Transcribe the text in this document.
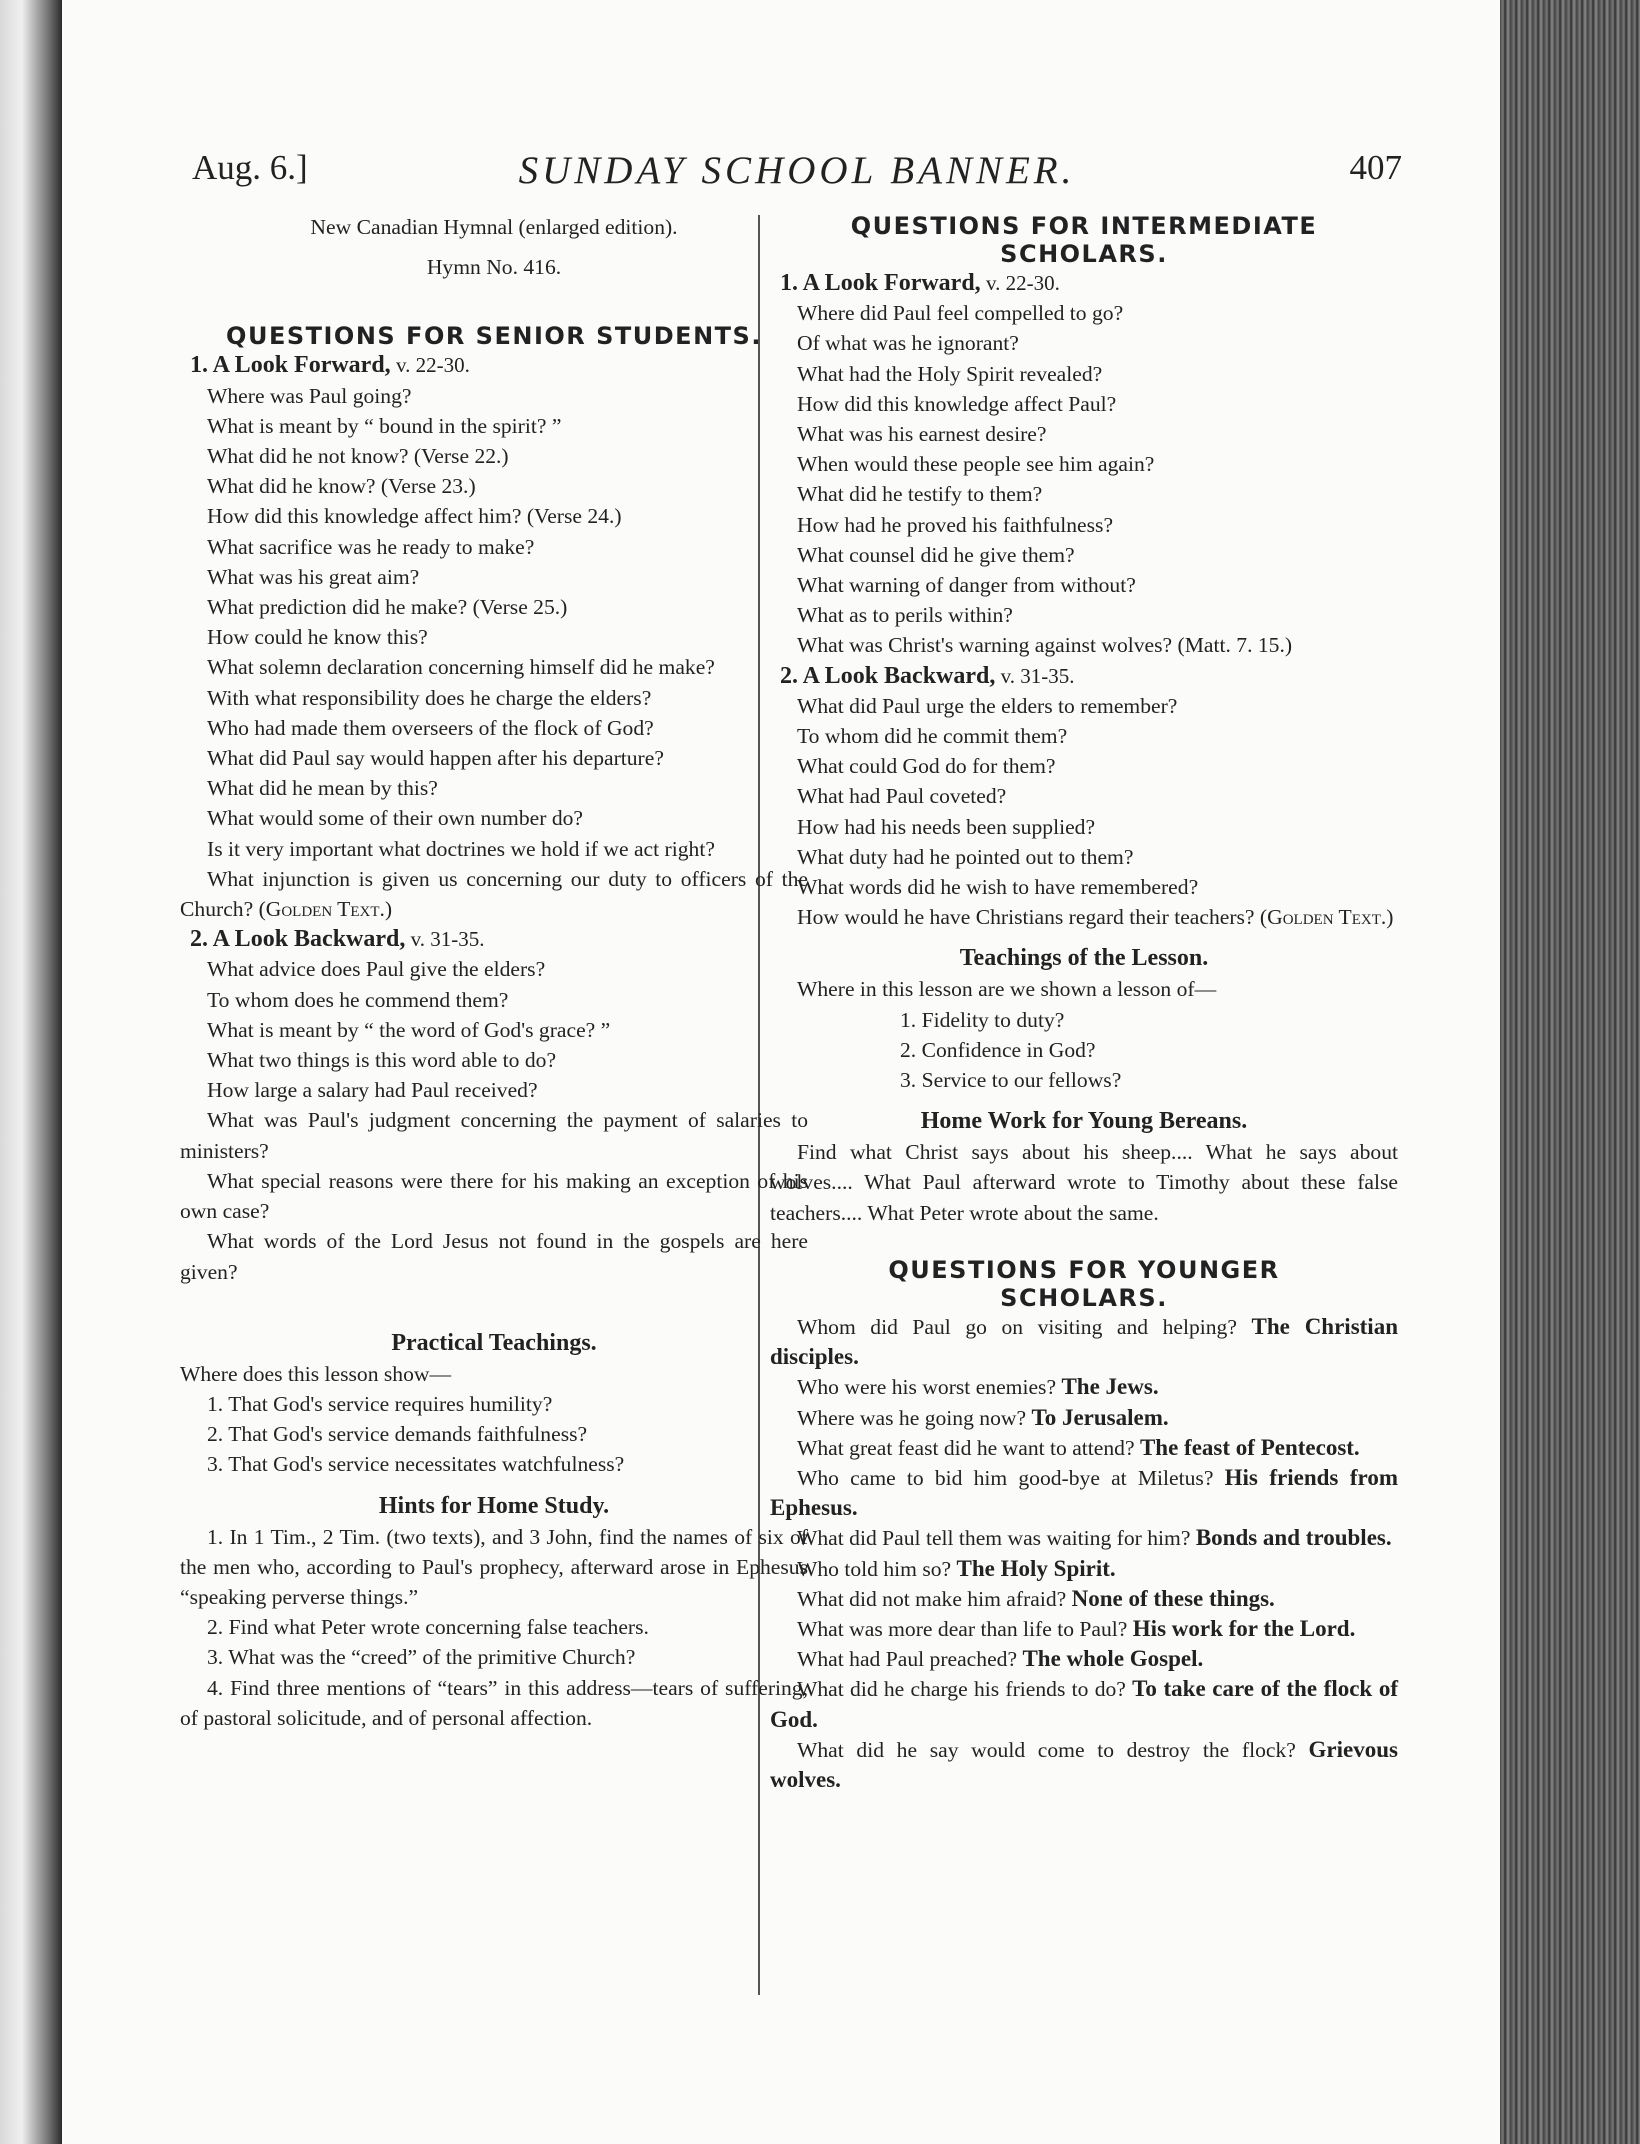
Aug. 6.]	SUNDAY SCHOOL BANNER.	407
New Canadian Hymnal (enlarged edition).
Hymn No. 416.
QUESTIONS FOR SENIOR STUDENTS.
1. A Look Forward, v. 22-30.
Where was Paul going?
What is meant by “ bound in the spirit? ”
What did he not know? (Verse 22.)
What did he know? (Verse 23.)
How did this knowledge affect him? (Verse 24.)
What sacrifice was he ready to make?
What was his great aim?
What prediction did he make? (Verse 25.)
How could he know this?
What solemn declaration concerning himself did he make?
With what responsibility does he charge the elders?
Who had made them overseers of the flock of God?
What did Paul say would happen after his departure?
What did he mean by this?
What would some of their own number do?
Is it very important what doctrines we hold if we act right?
What injunction is given us concerning our duty to officers of the Church? (Golden Text.)
2. A Look Backward, v. 31-35.
What advice does Paul give the elders?
To whom does he commend them?
What is meant by “ the word of God's grace? ”
What two things is this word able to do?
How large a salary had Paul received?
What was Paul's judgment concerning the payment of salaries to ministers?
What special reasons were there for his making an exception of his own case?
What words of the Lord Jesus not found in the gospels are here given?
Practical Teachings.
Where does this lesson show—
1. That God's service requires humility?
2. That God's service demands faithfulness?
3. That God's service necessitates watchfulness?
Hints for Home Study.
1. In 1 Tim., 2 Tim. (two texts), and 3 John, find the names of six of the men who, according to Paul's prophecy, afterward arose in Ephesus “speaking perverse things.”
2. Find what Peter wrote concerning false teachers.
3. What was the “creed” of the primitive Church?
4. Find three mentions of “tears” in this address—tears of suffering, of pastoral solicitude, and of personal affection.
QUESTIONS FOR INTERMEDIATE
SCHOLARS.
1. A Look Forward, v. 22-30.
Where did Paul feel compelled to go?
Of what was he ignorant?
What had the Holy Spirit revealed?
How did this knowledge affect Paul?
What was his earnest desire?
When would these people see him again?
What did he testify to them?
How had he proved his faithfulness?
What counsel did he give them?
What warning of danger from without?
What as to perils within?
What was Christ's warning against wolves? (Matt. 7. 15.)
2. A Look Backward, v. 31-35.
What did Paul urge the elders to remember?
To whom did he commit them?
What could God do for them?
What had Paul coveted?
How had his needs been supplied?
What duty had he pointed out to them?
What words did he wish to have remembered?
How would he have Christians regard their teachers? (Golden Text.)
Teachings of the Lesson.
Where in this lesson are we shown a lesson of—
1. Fidelity to duty?
2. Confidence in God?
3. Service to our fellows?
Home Work for Young Bereans.
Find what Christ says about his sheep.... What he says about wolves.... What Paul afterward wrote to Timothy about these false teachers.... What Peter wrote about the same.
QUESTIONS FOR YOUNGER
SCHOLARS.
Whom did Paul go on visiting and helping? The Christian disciples.
Who were his worst enemies? The Jews.
Where was he going now? To Jerusalem.
What great feast did he want to attend? The feast of Pentecost.
Who came to bid him good-bye at Miletus? His friends from Ephesus.
What did Paul tell them was waiting for him? Bonds and troubles.
Who told him so? The Holy Spirit.
What did not make him afraid? None of these things.
What was more dear than life to Paul? His work for the Lord.
What had Paul preached? The whole Gospel.
What did he charge his friends to do? To take care of the flock of God.
What did he say would come to destroy the flock? Grievous wolves.
